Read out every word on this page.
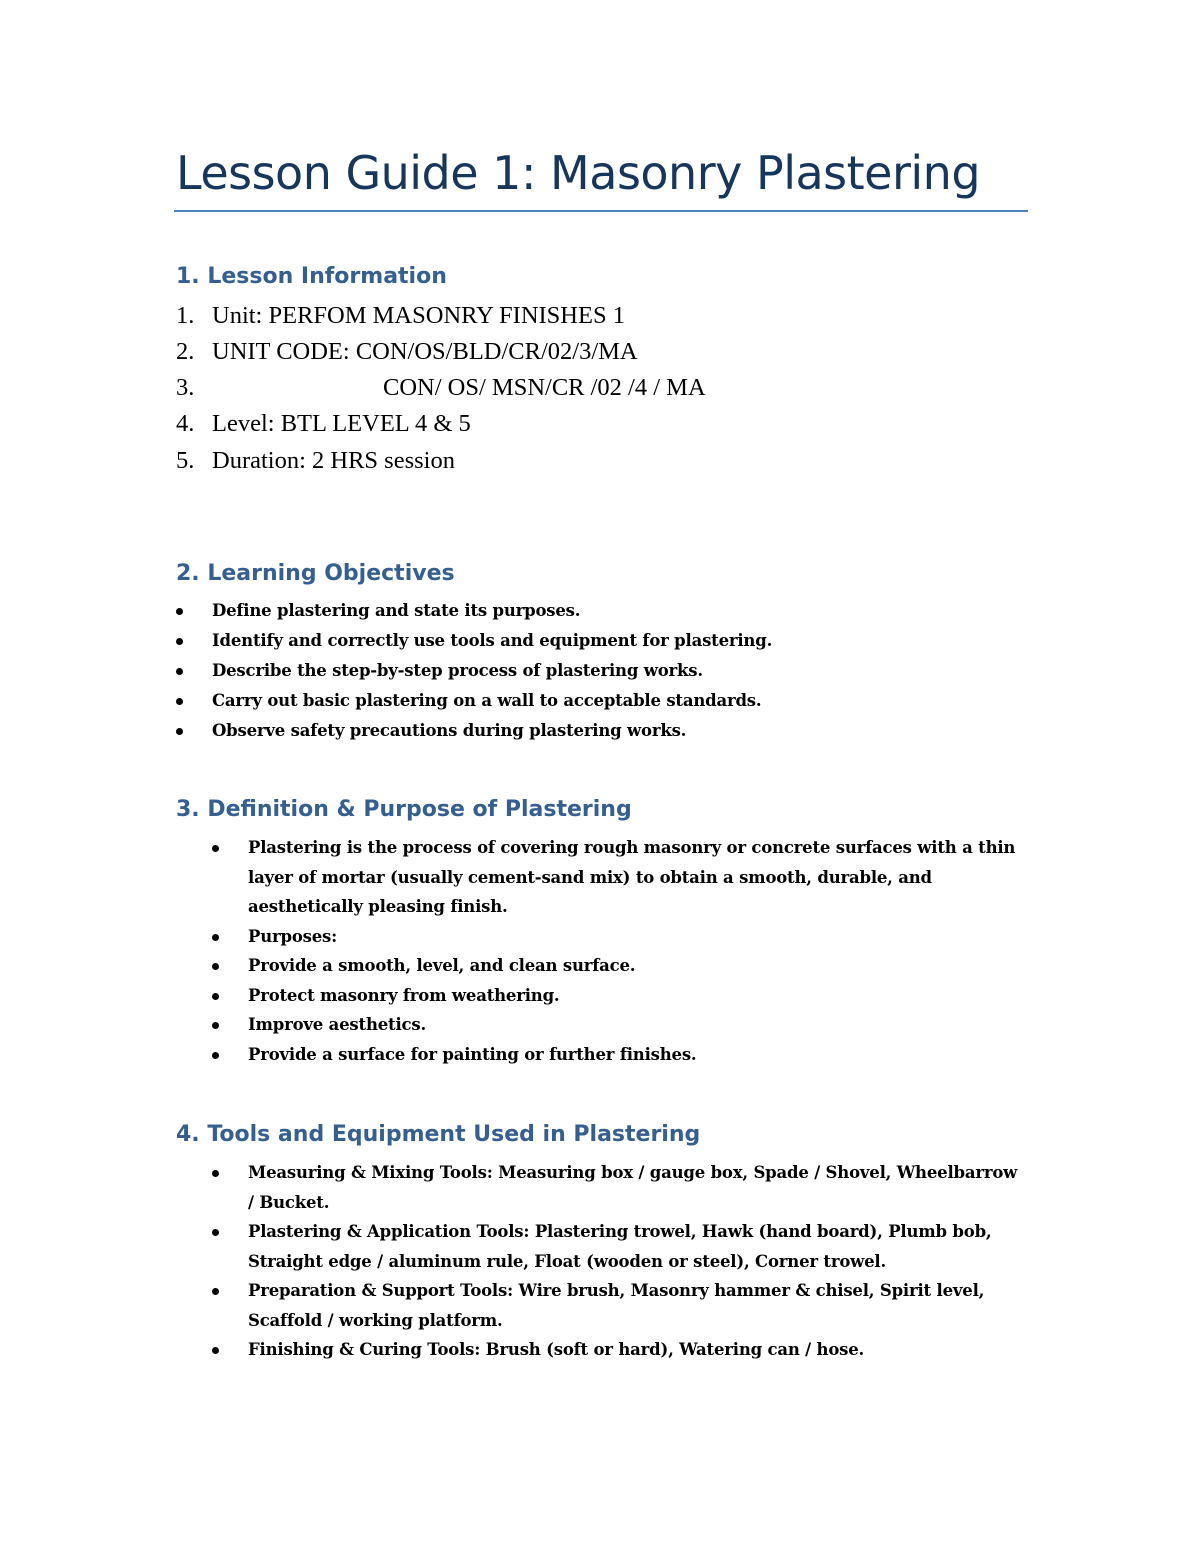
Lesson Guide 1: Masonry Plastering
1. Lesson Information
1. Unit: PERFOM MASONRY FINISHES 1
2. UNIT CODE: CON/OS/BLD/CR/02/3/MA
3.	CON/ OS/ MSN/CR /02 /4 / MA
4. Level: BTL LEVEL 4 & 5
5. Duration: 2 HRS session
2. Learning Objectives
Define plastering and state its purposes.
Identify and correctly use tools and equipment for plastering.
Describe the step-by-step process of plastering works.
Carry out basic plastering on a wall to acceptable standards.
Observe safety precautions during plastering works.
3. Definition & Purpose of Plastering
Plastering is the process of covering rough masonry or concrete surfaces with a thin layer of mortar (usually cement-sand mix) to obtain a smooth, durable, and aesthetically pleasing finish.
Purposes:
Provide a smooth, level, and clean surface.
Protect masonry from weathering.
Improve aesthetics.
Provide a surface for painting or further finishes.
4. Tools and Equipment Used in Plastering
Measuring & Mixing Tools: Measuring box / gauge box, Spade / Shovel, Wheelbarrow / Bucket.
Plastering & Application Tools: Plastering trowel, Hawk (hand board), Plumb bob, Straight edge / aluminum rule, Float (wooden or steel), Corner trowel.
Preparation & Support Tools: Wire brush, Masonry hammer & chisel, Spirit level, Scaffold / working platform.
Finishing & Curing Tools: Brush (soft or hard), Watering can / hose.
